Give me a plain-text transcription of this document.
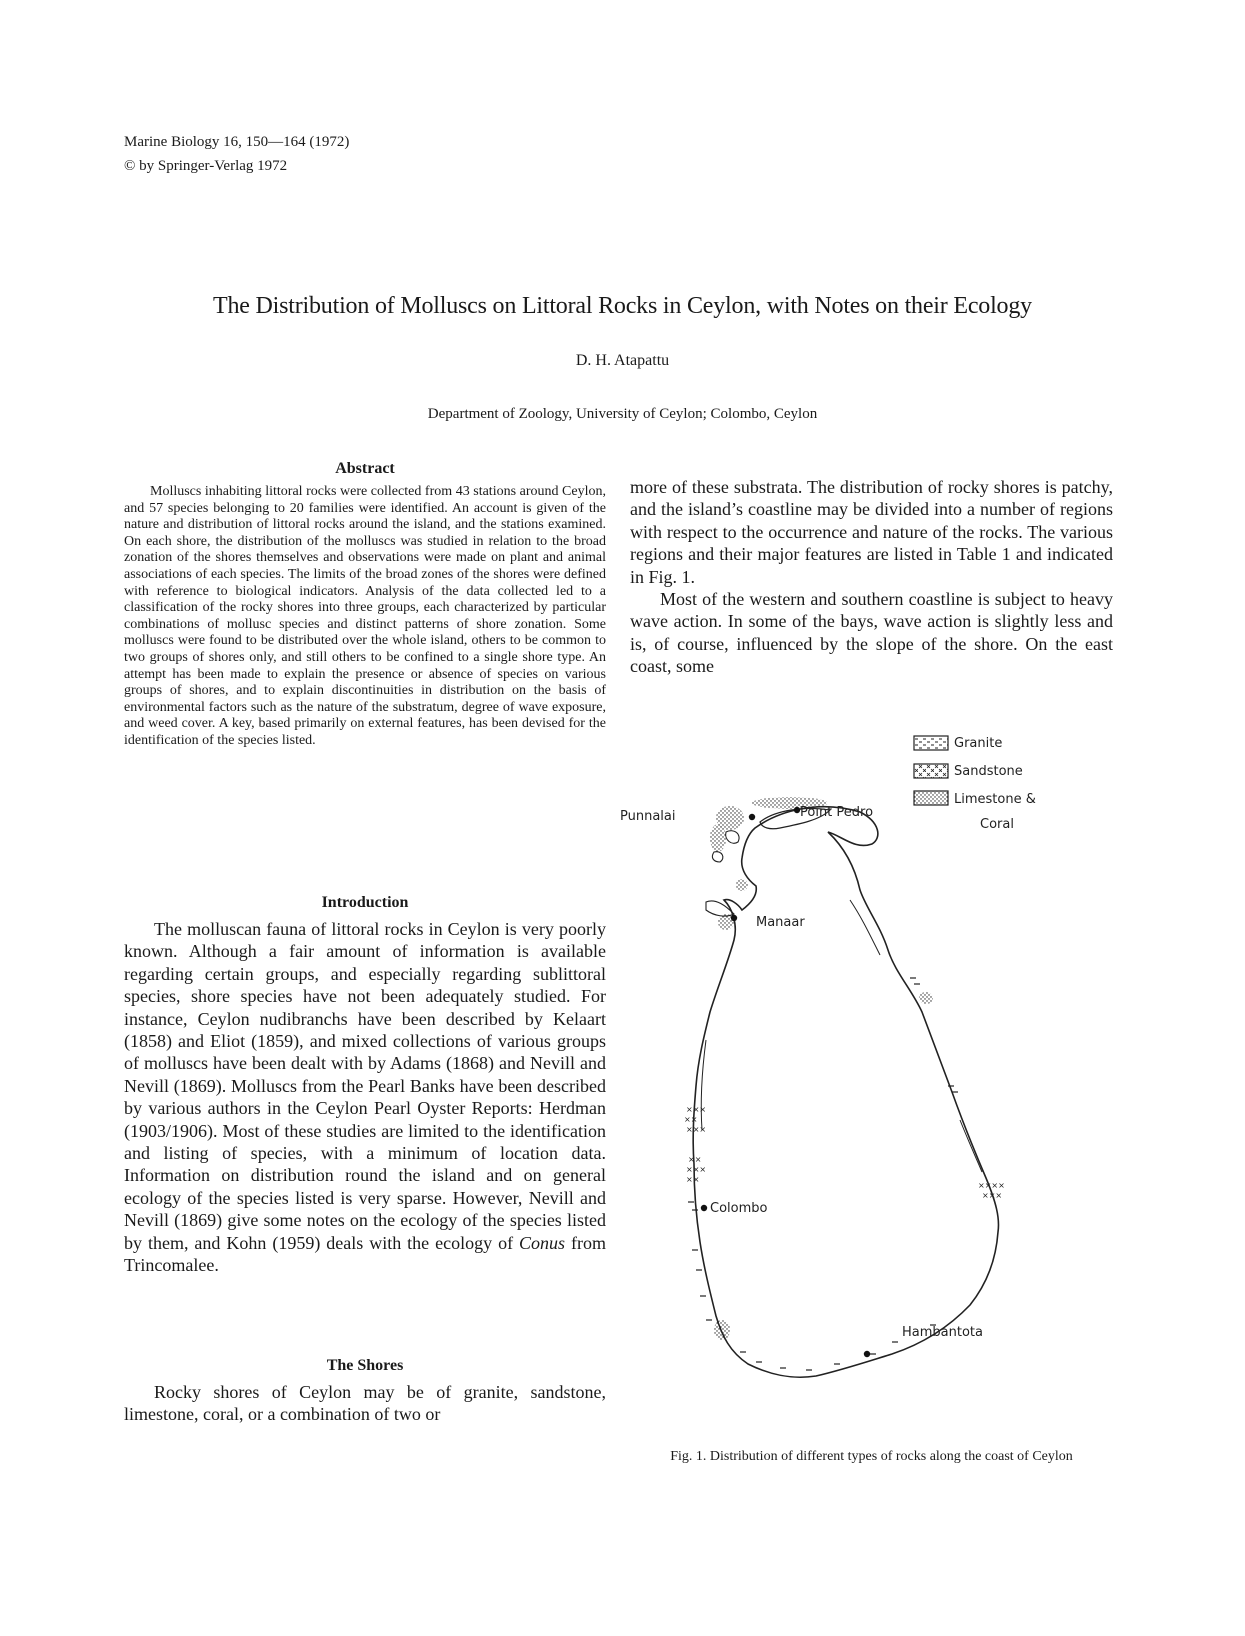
Marine Biology 16, 150—164 (1972)
© by Springer-Verlag 1972
The Distribution of Molluscs on Littoral Rocks in Ceylon, with Notes on their Ecology
D. H. Atapattu
Department of Zoology, University of Ceylon; Colombo, Ceylon

Abstract

Molluscs inhabiting littoral rocks were collected from 43 stations around Ceylon, and 57 species belonging to 20 families were identified. An account is given of the nature and distribution of littoral rocks around the island, and the stations examined. On each shore, the distribution of the molluscs was studied in relation to the broad zonation of the shores themselves and observations were made on plant and animal associations of each species. The limits of the broad zones of the shores were defined with reference to biological indicators. Analysis of the data collected led to a classification of the rocky shores into three groups, each characterized by particular combinations of mollusc species and distinct patterns of shore zonation. Some molluscs were found to be distributed over the whole island, others to be common to two groups of shores only, and still others to be confined to a single shore type. An attempt has been made to explain the presence or absence of species on various groups of shores, and to explain discontinuities in distribution on the basis of environmental factors such as the nature of the substratum, degree of wave exposure, and weed cover. A key, based primarily on external features, has been devised for the identification of the species listed.

Introduction

The molluscan fauna of littoral rocks in Ceylon is very poorly known. Although a fair amount of information is available regarding certain groups, and especially regarding sublittoral species, shore species have not been adequately studied. For instance, Ceylon nudibranchs have been described by Kelaart (1858) and Eliot (1859), and mixed collections of various groups of molluscs have been dealt with by Adams (1868) and Nevill and Nevill (1869). Molluscs from the Pearl Banks have been described by various authors in the Ceylon Pearl Oyster Reports: Herdman (1903/1906). Most of these studies are limited to the identification and listing of species, with a minimum of location data. Information on distribution round the island and on general ecology of the species listed is very sparse. However, Nevill and Nevill (1869) give some notes on the ecology of the species listed by them, and Kohn (1959) deals with the ecology of Conus from Trincomalee.

The Shores

Rocky shores of Ceylon may be of granite, sandstone, limestone, coral, or a combination of two or

more of these substrata. The distribution of rocky shores is patchy, and the island’s coastline may be divided into a number of regions with respect to the occurrence and nature of the rocks. The various regions and their major features are listed in Table 1 and indicated in Fig. 1.

Most of the western and southern coastline is subject to heavy wave action. In some of the bays, wave action is slightly less and is, of course, influenced by the slope of the shore. On the east coast, some

Granite
Sandstone
Limestone &
Coral
×××
××
×××
××
×××
××
××××
×××
Punnalai	Point Pedro
Manaar
Colombo
Hambantota
Fig. 1. Distribution of different types of rocks along the coast of Ceylon
